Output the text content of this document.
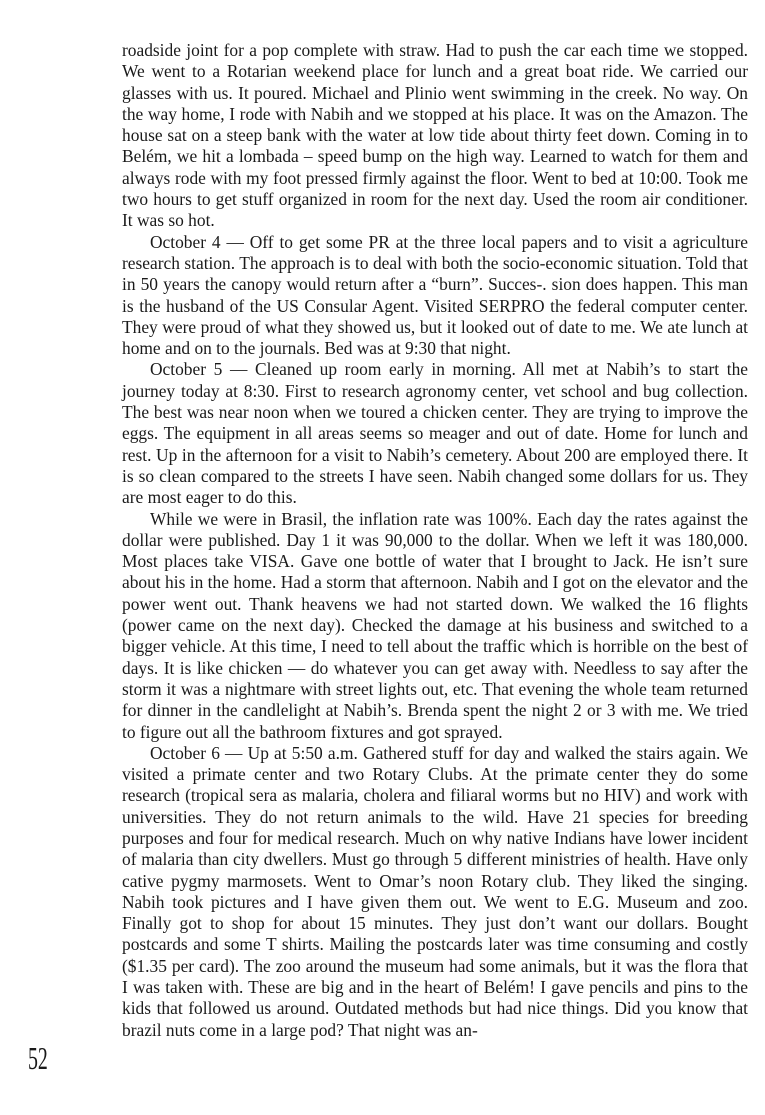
roadside joint for a pop complete with straw. Had to push the car each time we stopped. We went to a Rotarian weekend place for lunch and a great boat ride. We carried our glasses with us. It poured. Michael and Plinio went swimming in the creek. No way. On the way home, I rode with Nabih and we stopped at his place. It was on the Amazon. The house sat on a steep bank with the water at low tide about thirty feet down. Coming in to Belém, we hit a lombada – speed bump on the high way. Learned to watch for them and always rode with my foot pressed firmly against the floor. Went to bed at 10:00. Took me two hours to get stuff organized in room for the next day. Used the room air conditioner. It was so hot.

October 4 — Off to get some PR at the three local papers and to visit a agriculture research station. The approach is to deal with both the socio-economic situation. Told that in 50 years the canopy would return after a “burn”. Succes-. sion does happen. This man is the husband of the US Consular Agent. Visited SERPRO the federal computer center. They were proud of what they showed us, but it looked out of date to me. We ate lunch at home and on to the journals. Bed was at 9:30 that night.

October 5 — Cleaned up room early in morning. All met at Nabih’s to start the journey today at 8:30. First to research agronomy center, vet school and bug collection. The best was near noon when we toured a chicken center. They are trying to improve the eggs. The equipment in all areas seems so meager and out of date. Home for lunch and rest. Up in the afternoon for a visit to Nabih’s cemetery. About 200 are employed there. It is so clean compared to the streets I have seen. Nabih changed some dollars for us. They are most eager to do this.

While we were in Brasil, the inflation rate was 100%. Each day the rates against the dollar were published. Day 1 it was 90,000 to the dollar. When we left it was 180,000. Most places take VISA. Gave one bottle of water that I brought to Jack. He isn’t sure about his in the home. Had a storm that afternoon. Nabih and I got on the elevator and the power went out. Thank heavens we had not started down. We walked the 16 flights (power came on the next day). Checked the damage at his business and switched to a bigger vehicle. At this time, I need to tell about the traffic which is horrible on the best of days. It is like chicken — do whatever you can get away with. Needless to say after the storm it was a nightmare with street lights out, etc. That evening the whole team returned for dinner in the candlelight at Nabih’s. Brenda spent the night 2 or 3 with me. We tried to figure out all the bathroom fixtures and got sprayed.

October 6 — Up at 5:50 a.m. Gathered stuff for day and walked the stairs again. We visited a primate center and two Rotary Clubs. At the primate center they do some research (tropical sera as malaria, cholera and filiaral worms but no HIV) and work with universities. They do not return animals to the wild. Have 21 species for breeding purposes and four for medical research. Much on why native Indians have lower incident of malaria than city dwellers. Must go through 5 different ministries of health. Have only cative pygmy marmosets. Went to Omar’s noon Rotary club. They liked the singing. Nabih took pictures and I have given them out. We went to E.G. Museum and zoo. Finally got to shop for about 15 minutes. They just don’t want our dollars. Bought postcards and some T shirts. Mailing the postcards later was time consuming and costly ($1.35 per card). The zoo around the museum had some animals, but it was the flora that I was taken with. These are big and in the heart of Belém! I gave pencils and pins to the kids that followed us around. Outdated methods but had nice things. Did you know that brazil nuts come in a large pod? That night was an-

52
